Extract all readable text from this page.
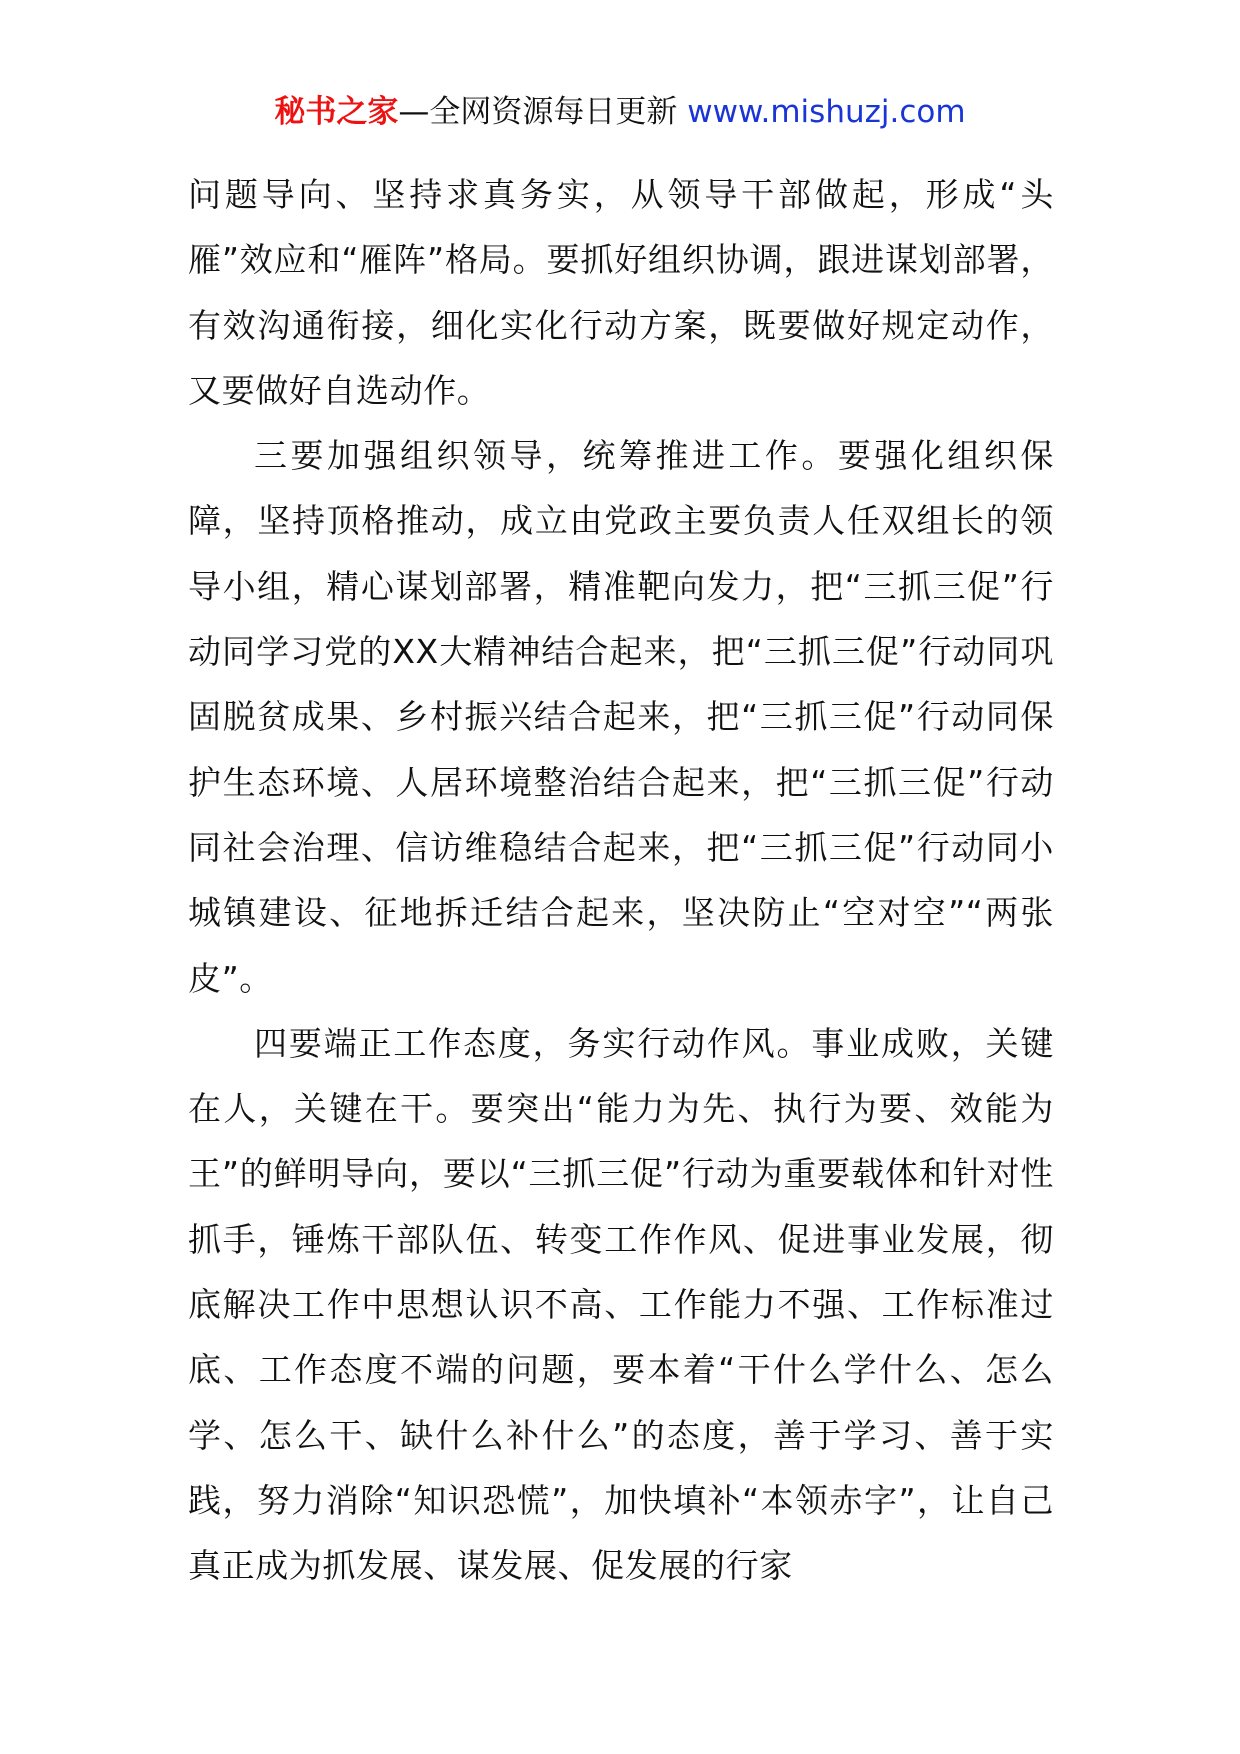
秘书之家—全网资源每日更新 www.mishuzj.com

问题导向、坚持求真务实，从领导干部做起，形成“头雁”效应和“雁阵”格局。要抓好组织协调，跟进谋划部署，有效沟通衔接，细化实化行动方案，既要做好规定动作，又要做好自选动作。

三要加强组织领导，统筹推进工作。要强化组织保障，坚持顶格推动，成立由党政主要负责人任双组长的领导小组，精心谋划部署，精准靶向发力，把“三抓三促”行动同学习党的XX大精神结合起来，把“三抓三促”行动同巩固脱贫成果、乡村振兴结合起来，把“三抓三促”行动同保护生态环境、人居环境整治结合起来，把“三抓三促”行动同社会治理、信访维稳结合起来，把“三抓三促”行动同小城镇建设、征地拆迁结合起来，坚决防止“空对空”“两张皮”。

四要端正工作态度，务实行动作风。事业成败，关键在人，关键在干。要突出“能力为先、执行为要、效能为王”的鲜明导向，要以“三抓三促”行动为重要载体和针对性抓手，锤炼干部队伍、转变工作作风、促进事业发展，彻底解决工作中思想认识不高、工作能力不强、工作标准过底、工作态度不端的问题，要本着“干什么学什么、怎么学、怎么干、缺什么补什么”的态度，善于学习、善于实践，努力消除“知识恐慌”，加快填补“本领赤字”，让自己真正成为抓发展、谋发展、促发展的行家
